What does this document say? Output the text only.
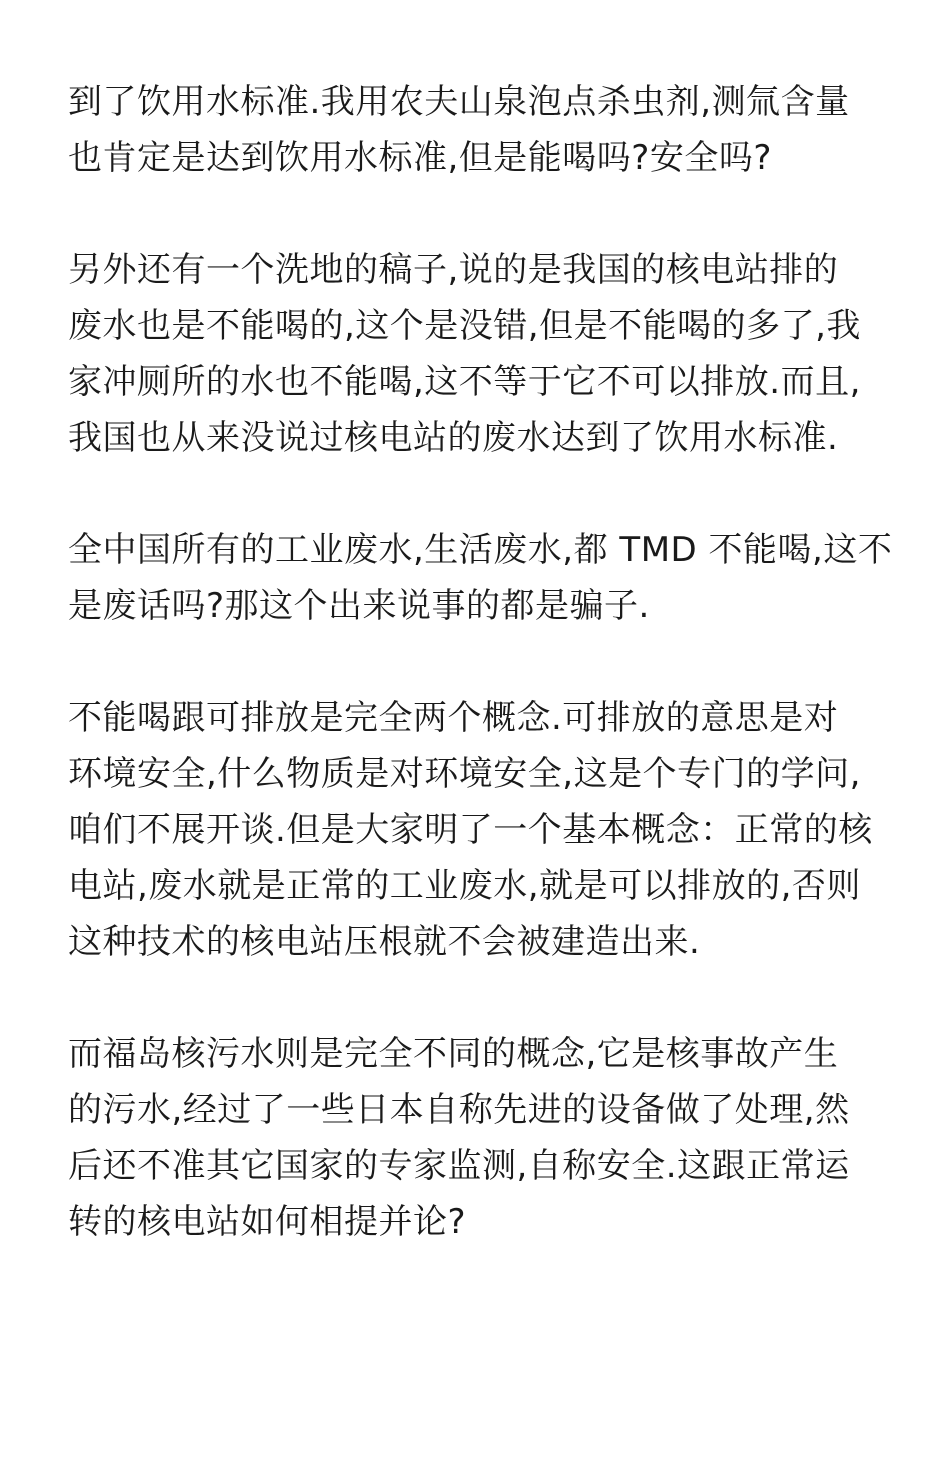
到了饮用水标准.我用农夫山泉泡点杀虫剂,测氚含量
也肯定是达到饮用水标准,但是能喝吗?安全吗?

另外还有一个洗地的稿子,说的是我国的核电站排的
废水也是不能喝的,这个是没错,但是不能喝的多了,我
家冲厕所的水也不能喝,这不等于它不可以排放.而且,
我国也从来没说过核电站的废水达到了饮用水标准.

全中国所有的工业废水,生活废水,都 TMD 不能喝,这不
是废话吗?那这个出来说事的都是骗子.

不能喝跟可排放是完全两个概念.可排放的意思是对
环境安全,什么物质是对环境安全,这是个专门的学问,
咱们不展开谈.但是大家明了一个基本概念：正常的核
电站,废水就是正常的工业废水,就是可以排放的,否则
这种技术的核电站压根就不会被建造出来.

而福岛核污水则是完全不同的概念,它是核事故产生
的污水,经过了一些日本自称先进的设备做了处理,然
后还不准其它国家的专家监测,自称安全.这跟正常运
转的核电站如何相提并论?
